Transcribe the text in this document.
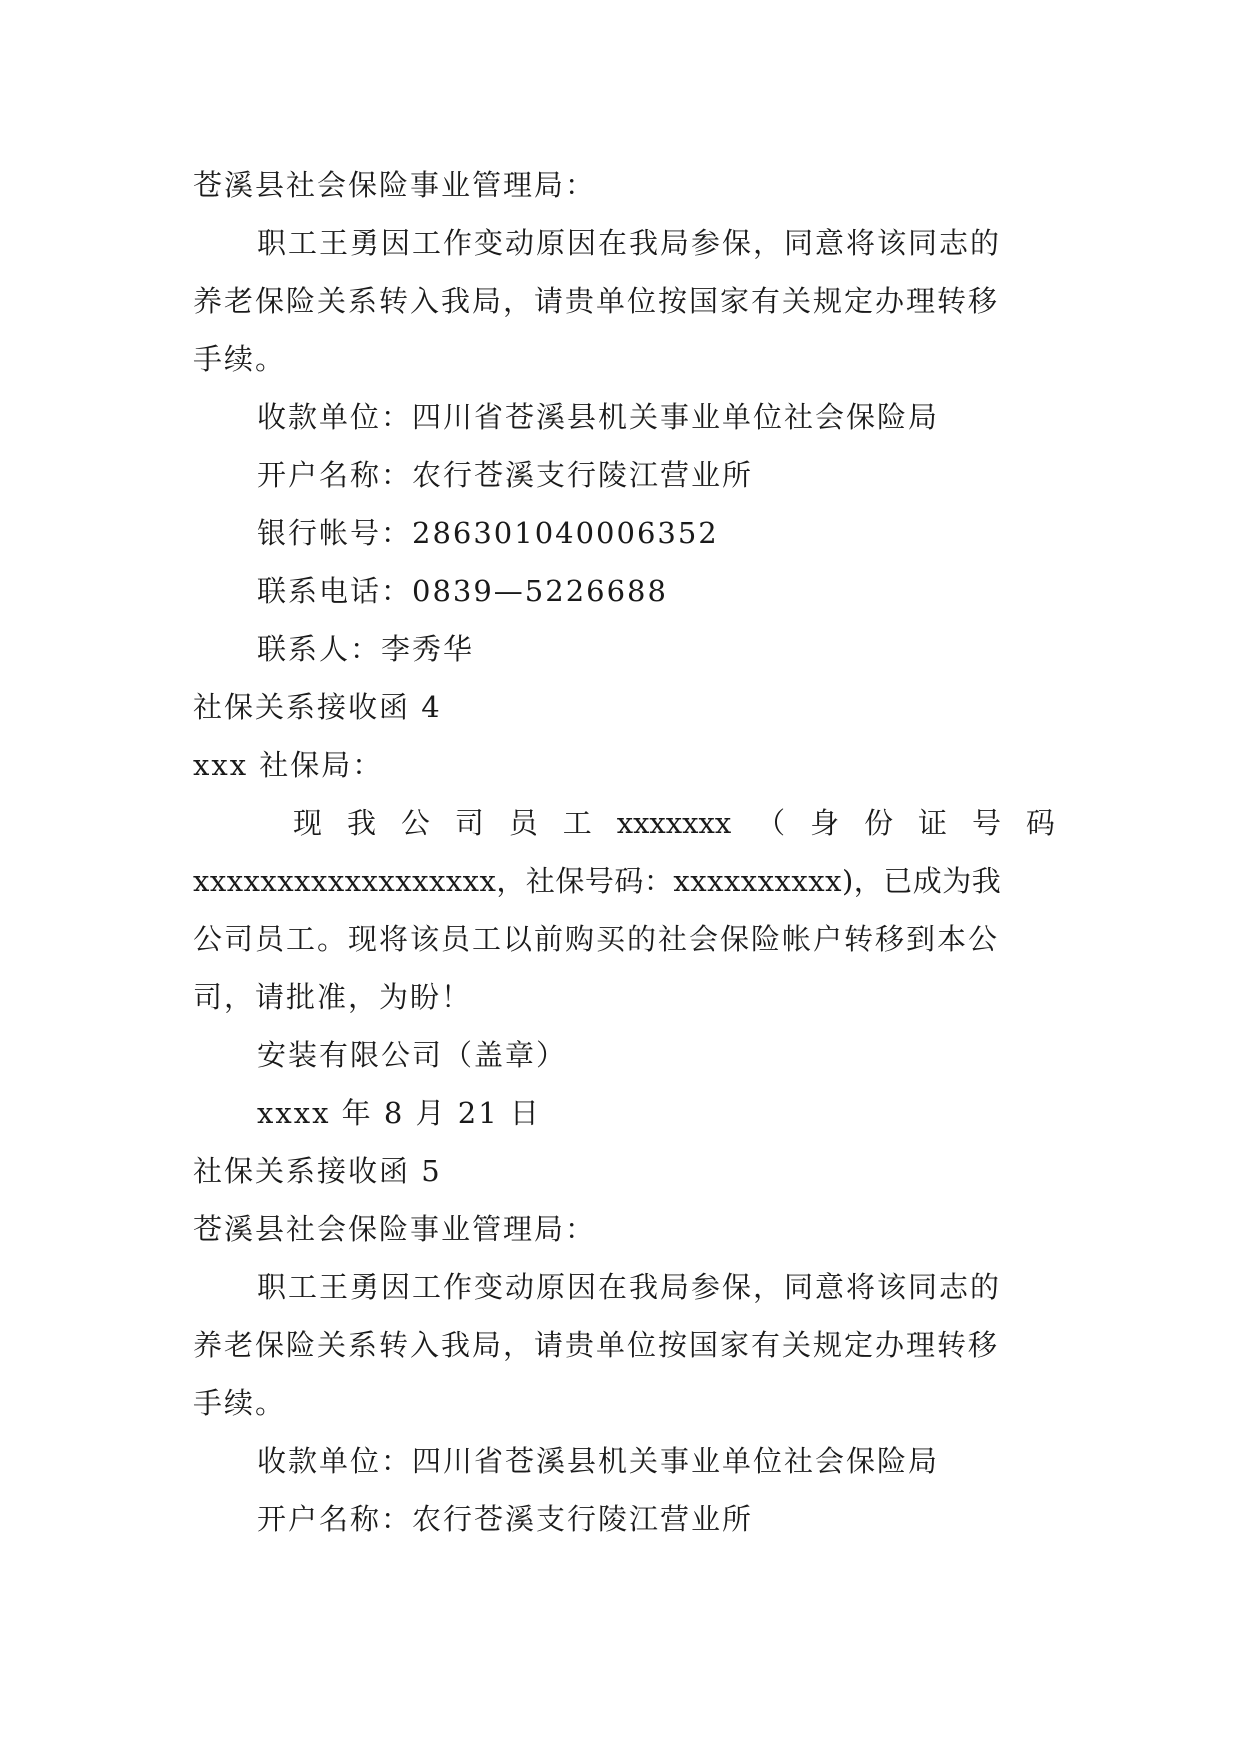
苍溪县社会保险事业管理局：
职工王勇因工作变动原因在我局参保，同意将该同志的
养老保险关系转入我局，请贵单位按国家有关规定办理转移
手续。
收款单位：四川省苍溪县机关事业单位社会保险局
开户名称：农行苍溪支行陵江营业所
银行帐号：286301040006352
联系电话：0839—5226688
联系人：李秀华
社保关系接收函 4
xxx 社保局：
现 我 公 司 员 工 xxxxxxx （ 身 份 证 号 码
xxxxxxxxxxxxxxxxxx，社保号码：xxxxxxxxxx)，已成为我
公司员工。现将该员工以前购买的社会保险帐户转移到本公
司，请批准，为盼！
安装有限公司（盖章）
xxxx 年 8 月 21 日
社保关系接收函 5
苍溪县社会保险事业管理局：
职工王勇因工作变动原因在我局参保，同意将该同志的
养老保险关系转入我局，请贵单位按国家有关规定办理转移
手续。
收款单位：四川省苍溪县机关事业单位社会保险局
开户名称：农行苍溪支行陵江营业所
